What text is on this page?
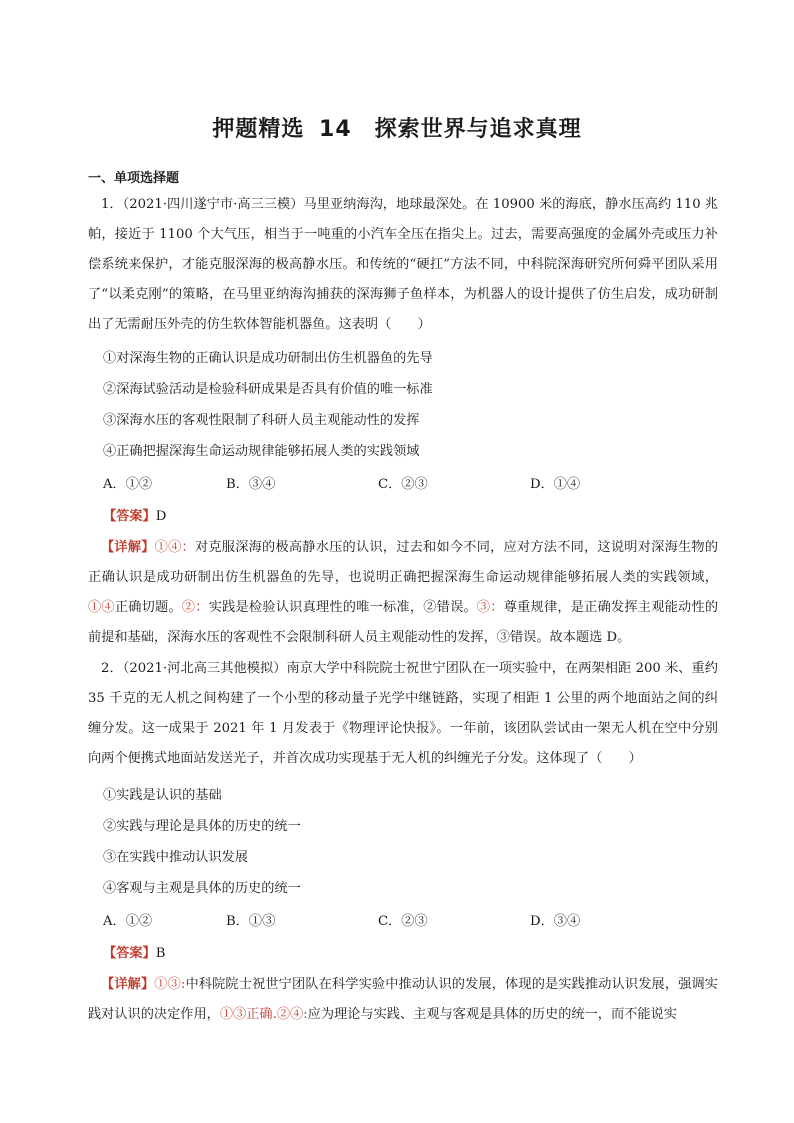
押题精选 14　探索世界与追求真理
一、单项选择题
1．（2021·四川遂宁市·高三三模）马里亚纳海沟，地球最深处。在 10900 米的海底，静水压高约 110 兆帕，接近于 1100 个大气压，相当于一吨重的小汽车全压在指尖上。过去，需要高强度的金属外壳或压力补偿系统来保护，才能克服深海的极高静水压。和传统的“硬扛”方法不同，中科院深海研究所何舜平团队采用了“以柔克刚”的策略，在马里亚纳海沟捕获的深海狮子鱼样本，为机器人的设计提供了仿生启发，成功研制出了无需耐压外壳的仿生软体智能机器鱼。这表明（　　）
①对深海生物的正确认识是成功研制出仿生机器鱼的先导
②深海试验活动是检验科研成果是否具有价值的唯一标准
③深海水压的客观性限制了科研人员主观能动性的发挥
④正确把握深海生命运动规律能够拓展人类的实践领域
A．①②	B．③④	C．②③	D．①④
【答案】D
【详解】①④：对克服深海的极高静水压的认识，过去和如今不同，应对方法不同，这说明对深海生物的正确认识是成功研制出仿生机器鱼的先导，也说明正确把握深海生命运动规律能够拓展人类的实践领域，①④正确切题。②：实践是检验认识真理性的唯一标准，②错误。③：尊重规律，是正确发挥主观能动性的前提和基础，深海水压的客观性不会限制科研人员主观能动性的发挥，③错误。故本题选 D。
2．（2021·河北高三其他模拟）南京大学中科院院士祝世宁团队在一项实验中，在两架相距 200 米、重约 35 千克的无人机之间构建了一个小型的移动量子光学中继链路，实现了相距 1 公里的两个地面站之间的纠缠分发。这一成果于 2021 年 1 月发表于《物理评论快报》。一年前，该团队尝试由一架无人机在空中分别向两个便携式地面站发送光子，并首次成功实现基于无人机的纠缠光子分发。这体现了（　　）
①实践是认识的基础
②实践与理论是具体的历史的统一
③在实践中推动认识发展
④客观与主观是具体的历史的统一
A．①②	B．①③	C．②③	D．③④
【答案】B
【详解】①③:中科院院士祝世宁团队在科学实验中推动认识的发展，体现的是实践推动认识发展，强调实践对认识的决定作用，①③正确.②④:应为理论与实践、主观与客观是具体的历史的统一，而不能说实
